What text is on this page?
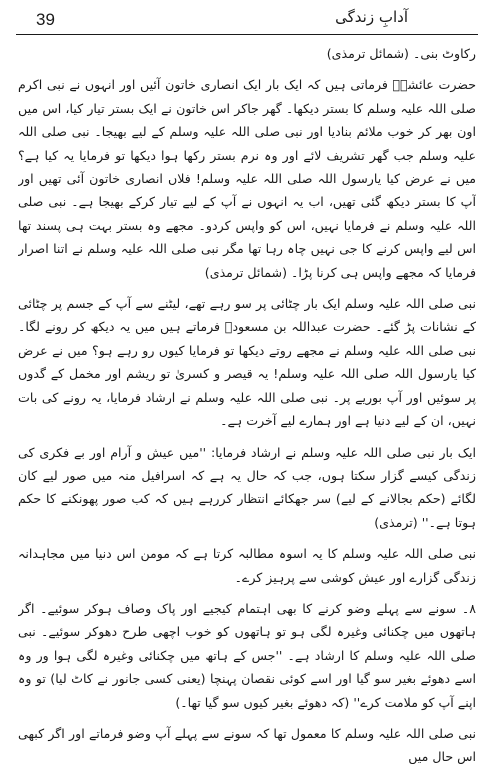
آدابِ زندگی
39

رکاوٹ بنی۔ (شمائل ترمذی)

حضرت عائشہؓ فرماتی ہیں کہ ایک بار ایک انصاری خاتون آئیں اور انہوں نے نبی اکرم صلی اللہ علیہ وسلم کا بستر دیکھا۔ گھر جاکر اس خاتون نے ایک بستر تیار کیا، اس میں اون بھر کر خوب ملائم بنادیا اور نبی صلی اللہ علیہ وسلم کے لیے بھیجا۔ نبی صلی اللہ علیہ وسلم جب گھر تشریف لائے اور وہ نرم بستر رکھا ہوا دیکھا تو فرمایا یہ کیا ہے؟ میں نے عرض کیا یارسول اللہ صلی اللہ علیہ وسلم! فلاں انصاری خاتون آئی تھیں اور آپ کا بستر دیکھ گئی تھیں، اب یہ انہوں نے آپ کے لیے تیار کرکے بھیجا ہے۔ نبی صلی اللہ علیہ وسلم نے فرمایا نہیں، اس کو واپس کردو۔ مجھے وہ بستر بہت ہی پسند تھا اس لیے واپس کرنے کا جی نہیں چاہ رہا تھا مگر نبی صلی اللہ علیہ وسلم نے اتنا اصرار فرمایا کہ مجھے واپس ہی کرنا پڑا۔ (شمائل ترمذی)

نبی صلی اللہ علیہ وسلم ایک بار چٹائی پر سو رہے تھے، لیٹنے سے آپ کے جسم پر چٹائی کے نشانات پڑ گئے۔ حضرت عبداللہ بن مسعودؓ فرماتے ہیں میں یہ دیکھ کر رونے لگا۔ نبی صلی اللہ علیہ وسلم نے مجھے روتے دیکھا تو فرمایا کیوں رو رہے ہو؟ میں نے عرض کیا یارسول اللہ صلی اللہ علیہ وسلم! یہ قیصر و کسریٰ تو ریشم اور مخمل کے گدوں پر سوئیں اور آپ بوریے پر۔ نبی صلی اللہ علیہ وسلم نے ارشاد فرمایا، یہ رونے کی بات نہیں، ان کے لیے دنیا ہے اور ہمارے لیے آخرت ہے۔

ایک بار نبی صلی اللہ علیہ وسلم نے ارشاد فرمایا: ''میں عیش و آرام اور بے فکری کی زندگی کیسے گزار سکتا ہوں، جب کہ حال یہ ہے کہ اسرافیل منہ میں صور لیے کان لگائے (حکم بجالانے کے لیے) سر جھکائے انتظار کررہے ہیں کہ کب صور پھونکنے کا حکم ہوتا ہے۔'' (ترمذی)

نبی صلی اللہ علیہ وسلم کا یہ اسوہ مطالبہ کرتا ہے کہ مومن اس دنیا میں مجاہدانہ زندگی گزارے اور عیش کوشی سے پرہیز کرے۔

۸۔ سونے سے پہلے وضو کرنے کا بھی اہتمام کیجیے اور پاک وصاف ہوکر سوئیے۔ اگر ہاتھوں میں چکنائی وغیرہ لگی ہو تو ہاتھوں کو خوب اچھی طرح دھوکر سوئیے۔ نبی صلی اللہ علیہ وسلم کا ارشاد ہے۔ ''جس کے ہاتھ میں چکنائی وغیرہ لگی ہوا ور وہ اسے دھوئے بغیر سو گیا اور اسے کوئی نقصان پہنچا (یعنی کسی جانور نے کاٹ لیا) تو وہ اپنے آپ کو ملامت کرے'' (کہ دھوئے بغیر کیوں سو گیا تھا۔)

نبی صلی اللہ علیہ وسلم کا معمول تھا کہ سونے سے پہلے آپ وضو فرماتے اور اگر کبھی اس حال میں
